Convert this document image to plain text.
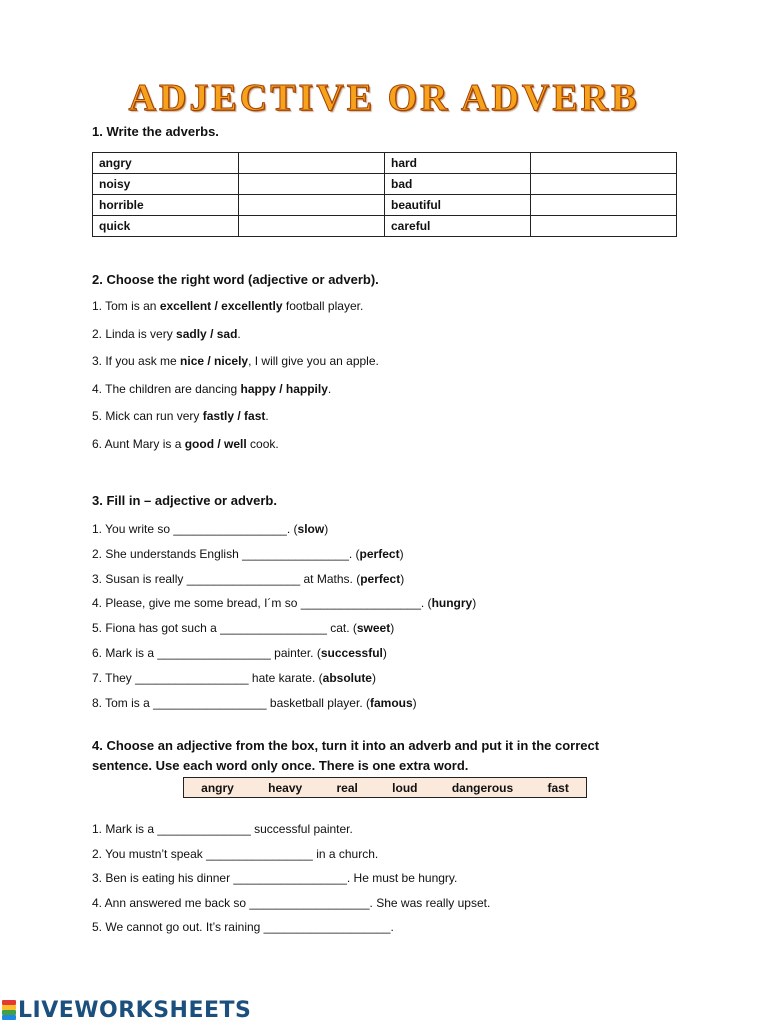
ADJECTIVE OR ADVERB
1. Write the adverbs.
angry		hard	
noisy		bad	
horrible		beautiful	
quick		careful	
2. Choose the right word (adjective or adverb).
1. Tom is an excellent / excellently football player.
2. Linda is very sadly / sad.
3. If you ask me nice / nicely, I will give you an apple.
4. The children are dancing happy / happily.
5. Mick can run very fastly / fast.
6. Aunt Mary is a good / well cook.
3. Fill in – adjective or adverb.
1. You write so _________________. (slow)
2. She understands English ________________. (perfect)
3. Susan is really _________________ at Maths. (perfect)
4. Please, give me some bread, I´m so __________________. (hungry)
5. Fiona has got such a ________________ cat. (sweet)
6. Mark is a _________________ painter. (successful)
7. They _________________ hate karate. (absolute)
8. Tom is a _________________ basketball player. (famous)
4. Choose an adjective from the box, turn it into an adverb and put it in the correct
sentence. Use each word only once. There is one extra word.
angry	heavy	real	loud	dangerous	fast
1. Mark is a ______________ successful painter.
2. You mustn’t speak ________________ in a church.
3. Ben is eating his dinner _________________. He must be hungry.
4. Ann answered me back so __________________. She was really upset.
5. We cannot go out. It’s raining ___________________.
LIVEWORKSHEETS
